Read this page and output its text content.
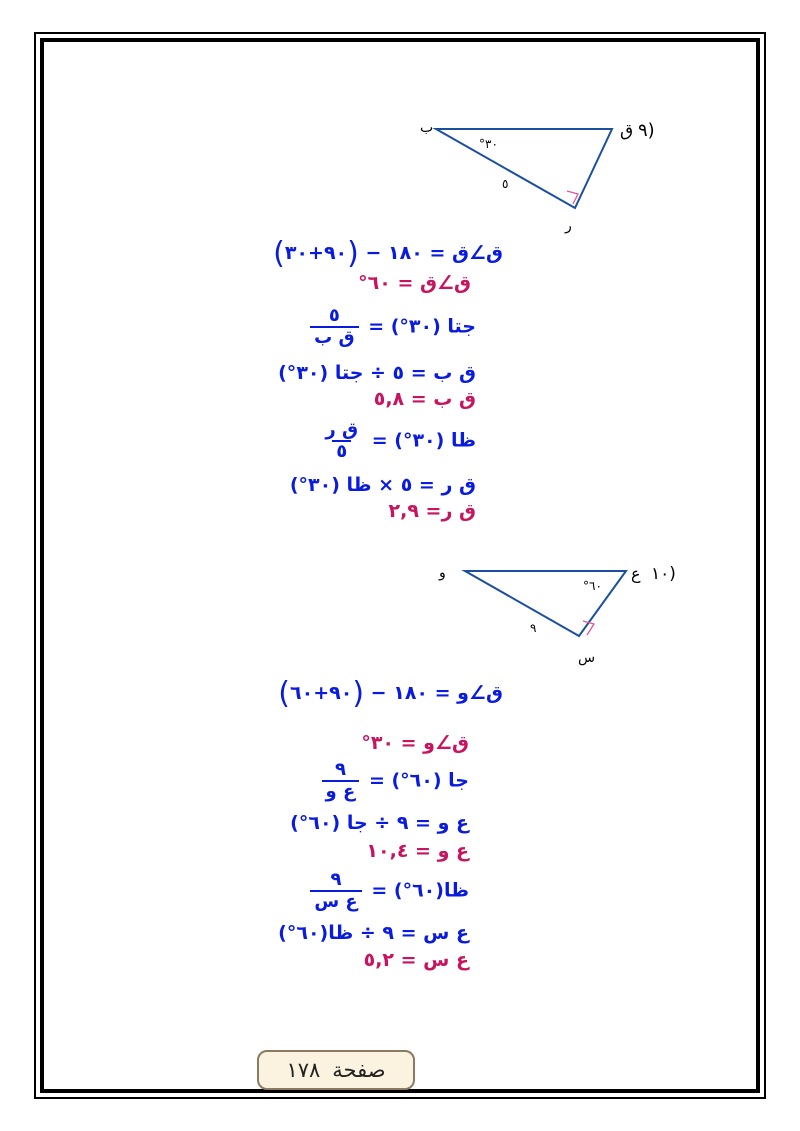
ق ٩)
ب
ر
°٣٠
٥
ق∠ق = ١٨٠ − (٩٠+٣٠)
ق∠ق = ٦٠°
جتا (٣٠°) =
$\frac{٥}{\text{ق ب}}$
ق ب = ٥ ÷ جتا (٣٠°)
ق ب = ٥,٨
ظا (٣٠°) =
$\frac{\text{ق ر}}{٥}$
ق ر = ٥ × ظا (٣٠°)
ق ر= ٢,٩
ع ١٠)
و
س
°٦٠
٩
ق∠و = ١٨٠ − (٩٠+٦٠)
ق∠و = ٣٠°
جا (٦٠°) =
$\frac{٩}{\text{ع و}}$
ع و = ٩ ÷ جا (٦٠°)
ع و = ١٠,٤
ظا(٦٠°) =
$\frac{٩}{\text{ع س}}$
ع س = ٩ ÷ ظا(٦٠°)
ع س = ٥,٢
صفحة
١٧٨
